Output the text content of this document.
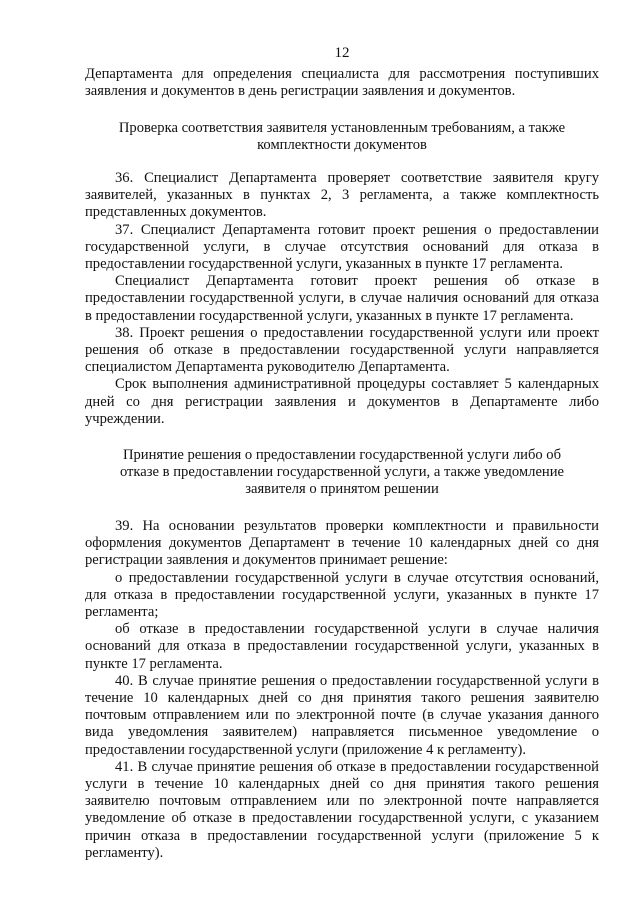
12

Департамента для определения специалиста для рассмотрения поступивших заявления и документов в день регистрации заявления и документов.

Проверка соответствия заявителя установленным требованиям, а также комплектности документов

36. Специалист Департамента проверяет соответствие заявителя кругу заявителей, указанных в пунктах 2, 3 регламента, а также комплектность представленных документов.

37. Специалист Департамента готовит проект решения о предоставлении государственной услуги, в случае отсутствия оснований для отказа в предоставлении государственной услуги, указанных в пункте 17 регламента.

Специалист Департамента готовит проект решения об отказе в предоставлении государственной услуги, в случае наличия оснований для отказа в предоставлении государственной услуги, указанных в пункте 17 регламента.

38. Проект решения о предоставлении государственной услуги или проект решения об отказе в предоставлении государственной услуги направляется специалистом Департамента руководителю Департамента.

Срок выполнения административной процедуры составляет 5 календарных дней со дня регистрации заявления и документов в Департаменте либо учреждении.

Принятие решения о предоставлении государственной услуги либо об отказе в предоставлении государственной услуги, а также уведомление заявителя о принятом решении

39. На основании результатов проверки комплектности и правильности оформления документов Департамент в течение 10 календарных дней со дня регистрации заявления и документов принимает решение:

о предоставлении государственной услуги в случае отсутствия оснований, для отказа в предоставлении государственной услуги, указанных в пункте 17 регламента;

об отказе в предоставлении государственной услуги в случае наличия оснований для отказа в предоставлении государственной услуги, указанных в пункте 17 регламента.

40. В случае принятие решения о предоставлении государственной услуги в течение 10 календарных дней со дня принятия такого решения заявителю почтовым отправлением или по электронной почте (в случае указания данного вида уведомления заявителем) направляется письменное уведомление о предоставлении государственной услуги (приложение 4 к регламенту).

41. В случае принятие решения об отказе в предоставлении государственной услуги в течение 10 календарных дней со дня принятия такого решения заявителю почтовым отправлением или по электронной почте направляется уведомление об отказе в предоставлении государственной услуги, с указанием причин отказа в предоставлении государственной услуги (приложение 5 к регламенту).
